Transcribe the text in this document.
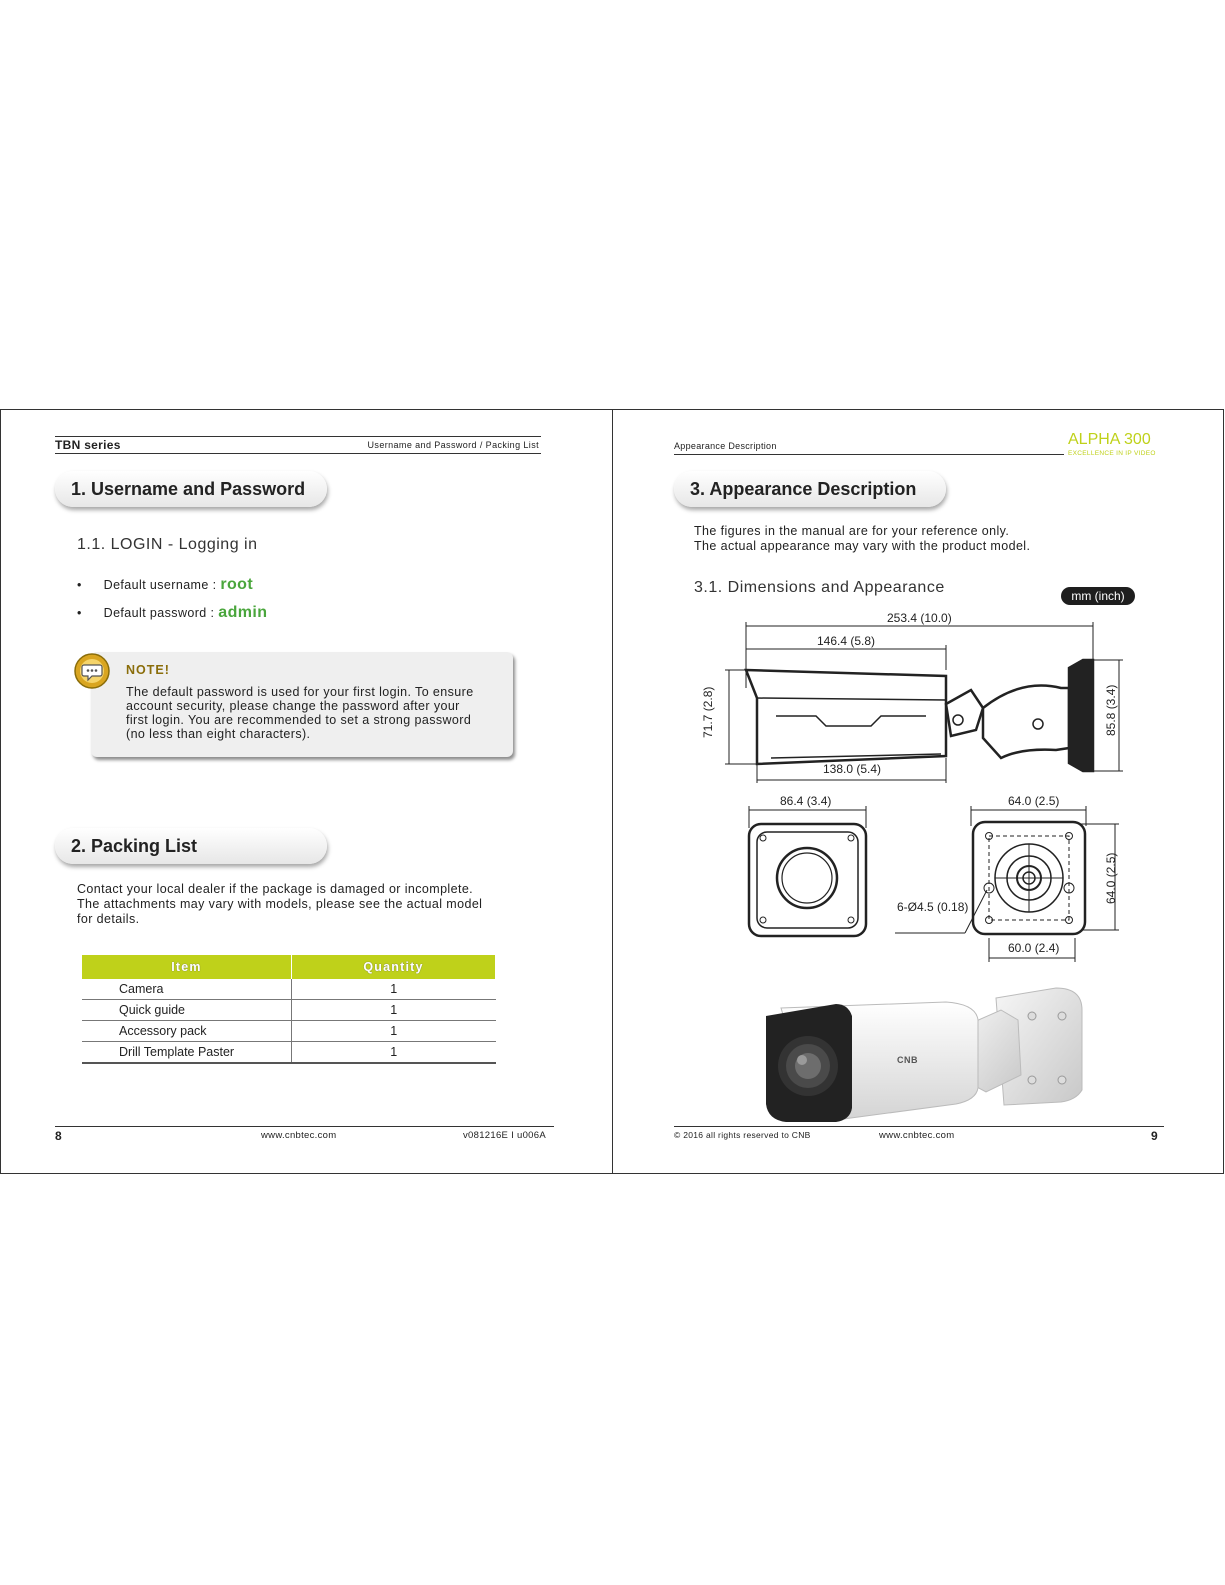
TBN series	Username and Password / Packing List
1. Username and Password
1.1. LOGIN - Logging in
• Default username : root
• Default password : admin
NOTE!
The default password is used for your first login. To ensure
account security, please change the password after your
first login. You are recommended to set a strong password
(no less than eight characters).
2. Packing List
Contact your local dealer if the package is damaged or incomplete.
The attachments may vary with models, please see the actual model
for details.
Item	Quantity
Camera	1
Quick guide	1
Accessory pack	1
Drill Template Paster	1
8	www.cnbtec.com	v081216E I u006A
Appearance Description	ALPHA 300
EXCELLENCE IN IP VIDEO
3. Appearance Description
The figures in the manual are for your reference only.
The actual appearance may vary with the product model.
3.1. Dimensions and Appearance	mm (inch)
253.4 (10.0)
146.4 (5.8)
71.7 (2.8)
138.0 (5.4)
85.8 (3.4)
86.4 (3.4)	64.0 (2.5)
64.0 (2.5)
60.0 (2.4)
6-Ø4.5 (0.18)
CNB
© 2016 all rights reserved to CNB	www.cnbtec.com	9
